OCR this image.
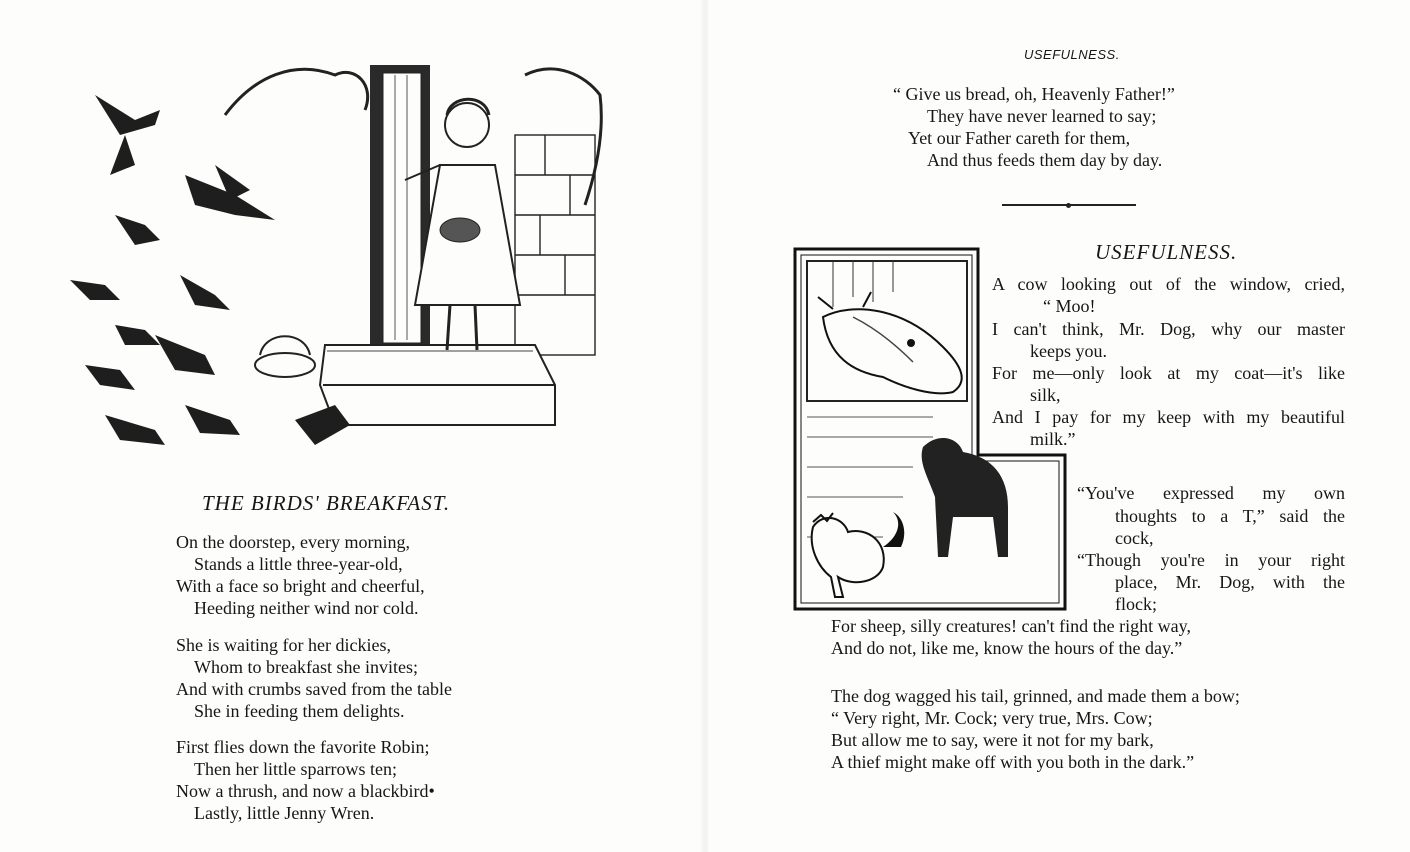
THE BIRDS' BREAKFAST.
On the doorstep, every morning,
Stands a little three-year-old,
With a face so bright and cheerful,
Heeding neither wind nor cold.
She is waiting for her dickies,
Whom to breakfast she invites;
And with crumbs saved from the table
She in feeding them delights.
First flies down the favorite Robin;
Then her little sparrows ten;
Now a thrush, and now a blackbird•
Lastly, little Jenny Wren.
USEFULNESS.
“ Give us bread, oh, Heavenly Father!”
They have never learned to say;
Yet our Father careth for them,
And thus feeds them day by day.
USEFULNESS.
A cow looking out of the window, cried,
“ Moo!
I can't think, Mr. Dog, why our master
keeps you.
For me—only look at my coat—it's like
silk,
And I pay for my keep with my beautiful
milk.”
“You've expressed my own
thoughts to a T,” said the
cock,
“Though you're in your right
place, Mr. Dog, with the
flock;
For sheep, silly creatures! can't find the right way,
And do not, like me, know the hours of the day.”
The dog wagged his tail, grinned, and made them a bow;
“ Very right, Mr. Cock; very true, Mrs. Cow;
But allow me to say, were it not for my bark,
A thief might make off with you both in the dark.”
